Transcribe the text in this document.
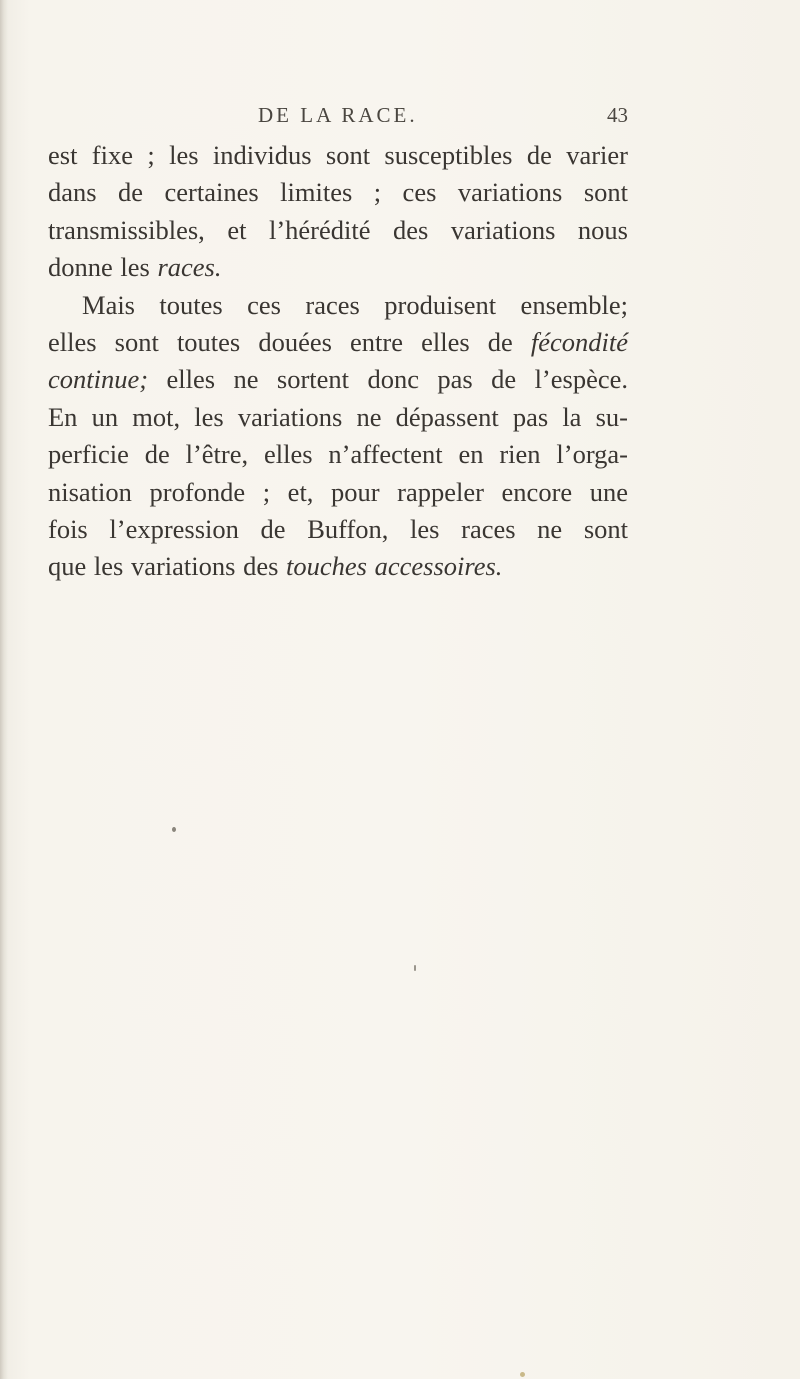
DE LA RACE.	43
est fixe ; les individus sont susceptibles de varier
dans de certaines limites ; ces variations sont
transmissibles, et l’hérédité des variations nous
donne les races.
Mais toutes ces races produisent ensemble;
elles sont toutes douées entre elles de fécondité
continue; elles ne sortent donc pas de l’espèce.
En un mot, les variations ne dépassent pas la su-
perficie de l’être, elles n’affectent en rien l’orga-
nisation profonde ; et, pour rappeler encore une
fois l’expression de Buffon, les races ne sont
que les variations des touches accessoires.
